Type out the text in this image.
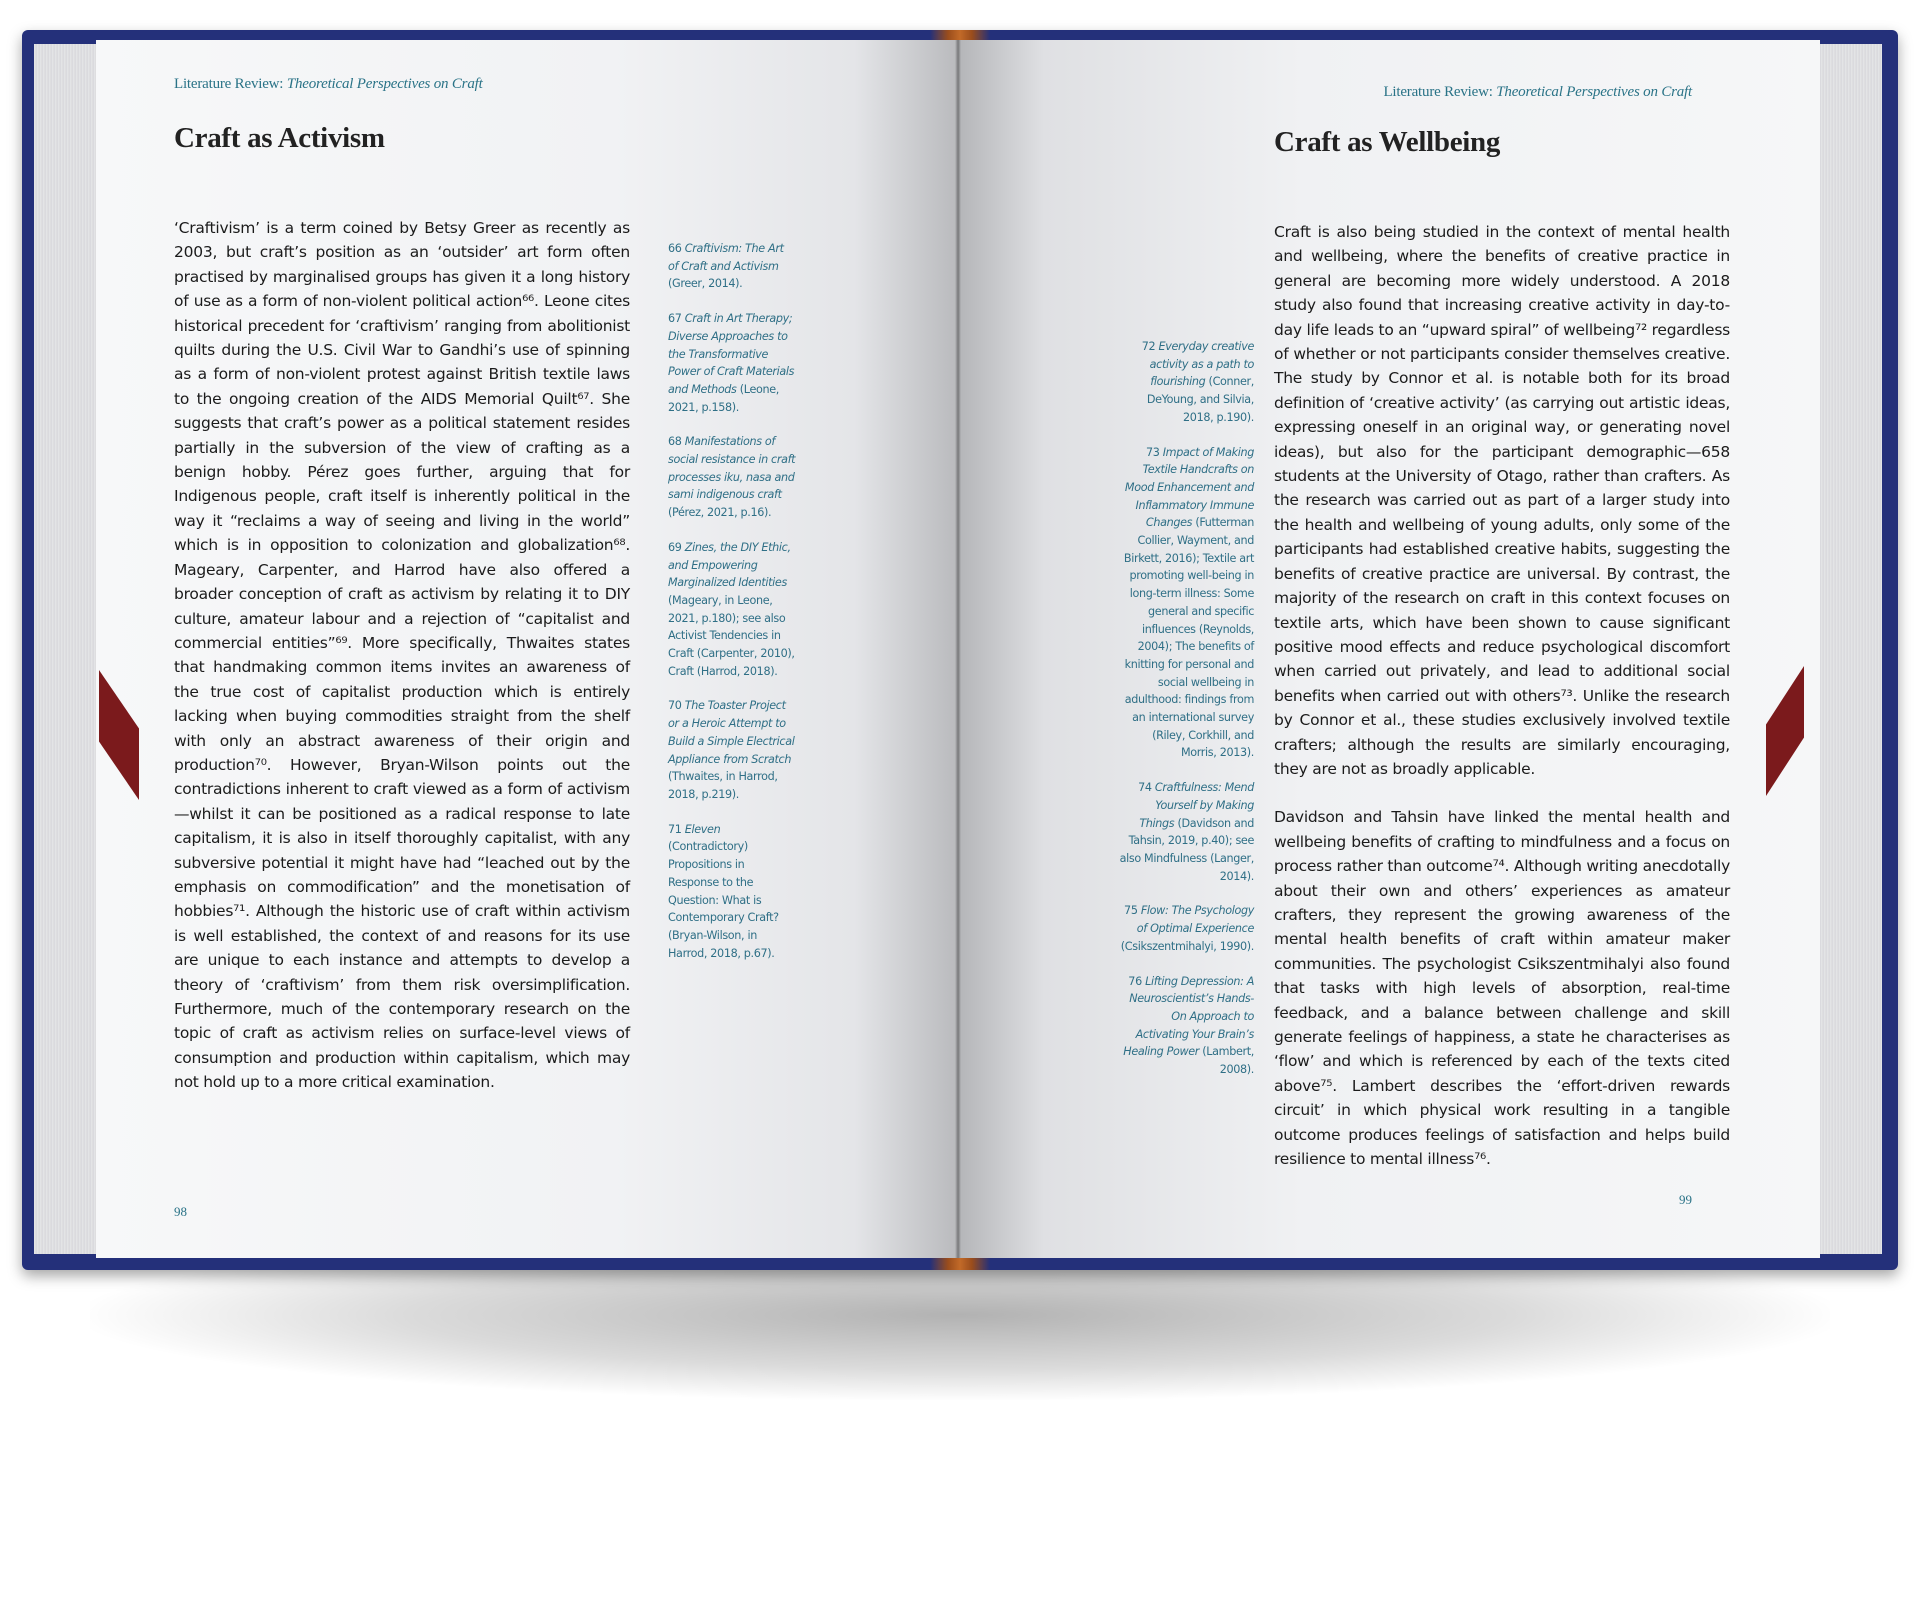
Literature Review: Theoretical Perspectives on Craft
Craft as Activism

‘Craftivism’ is a term coined by Betsy Greer as recently as 2003, but craft’s position as an ‘outsider’ art form often practised by marginalised groups has given it a long history of use as a form of non-violent political action⁶⁶. Leone cites historical precedent for ‘craftivism’ ranging from abolitionist quilts during the U.S. Civil War to Gandhi’s use of spinning as a form of non-violent protest against British textile laws to the ongoing creation of the AIDS Memorial Quilt⁶⁷. She suggests that craft’s power as a political statement resides partially in the subversion of the view of crafting as a benign hobby. Pérez goes further, arguing that for Indigenous people, craft itself is inherently political in the way it “reclaims a way of seeing and living in the world” which is in opposition to colonization and globalization⁶⁸. Mageary, Carpenter, and Harrod have also offered a broader conception of craft as activism by relating it to DIY culture, amateur labour and a rejection of “capitalist and commercial entities”⁶⁹. More specifically, Thwaites states that handmaking common items invites an awareness of the true cost of capitalist production which is entirely lacking when buying commodities straight from the shelf with only an abstract awareness of their origin and production⁷⁰. However, Bryan-Wilson points out the contradictions inherent to craft viewed as a form of activism—whilst it can be positioned as a radical response to late capitalism, it is also in itself thoroughly capitalist, with any subversive potential it might have had “leached out by the emphasis on commodification” and the monetisation of hobbies⁷¹. Although the historic use of craft within activism is well established, the context of and reasons for its use are unique to each instance and attempts to develop a theory of ‘craftivism’ from them risk oversimplification. Furthermore, much of the contemporary research on the topic of craft as activism relies on surface-level views of consumption and production within capitalism, which may not hold up to a more critical examination.

66 Craftivism: The Art of Craft and Activism (Greer, 2014).
67 Craft in Art Therapy; Diverse Approaches to the Transformative Power of Craft Materials and Methods (Leone, 2021, p.158).
68 Manifestations of social resistance in craft processes iku, nasa and sami indigenous craft (Pérez, 2021, p.16).
69 Zines, the DIY Ethic, and Empowering Marginalized Identities (Mageary, in Leone, 2021, p.180); see also Activist Tendencies in Craft (Carpenter, 2010), Craft (Harrod, 2018).
70 The Toaster Project or a Heroic Attempt to Build a Simple Electrical Appliance from Scratch (Thwaites, in Harrod, 2018, p.219).
71 Eleven (Contradictory) Propositions in Response to the Question: What is Contemporary Craft? (Bryan-Wilson, in Harrod, 2018, p.67).
98
Literature Review: Theoretical Perspectives on Craft
Craft as Wellbeing

Craft is also being studied in the context of mental health and wellbeing, where the benefits of creative practice in general are becoming more widely understood. A 2018 study also found that increasing creative activity in day-to-day life leads to an “upward spiral” of wellbeing⁷² regardless of whether or not participants consider themselves creative. The study by Connor et al. is notable both for its broad definition of ‘creative activity’ (as carrying out artistic ideas, expressing oneself in an original way, or generating novel ideas), but also for the participant demographic—658 students at the University of Otago, rather than crafters. As the research was carried out as part of a larger study into the health and wellbeing of young adults, only some of the participants had established creative habits, suggesting the benefits of creative practice are universal. By contrast, the majority of the research on craft in this context focuses on textile arts, which have been shown to cause significant positive mood effects and reduce psychological discomfort when carried out privately, and lead to additional social benefits when carried out with others⁷³. Unlike the research by Connor et al., these studies exclusively involved textile crafters; although the results are similarly encouraging, they are not as broadly applicable.

Davidson and Tahsin have linked the mental health and wellbeing benefits of crafting to mindfulness and a focus on process rather than outcome⁷⁴. Although writing anecdotally about their own and others’ experiences as amateur crafters, they represent the growing awareness of the mental health benefits of craft within amateur maker communities. The psychologist Csikszentmihalyi also found that tasks with high levels of absorption, real-time feedback, and a balance between challenge and skill generate feelings of happiness, a state he characterises as ‘flow’ and which is referenced by each of the texts cited above⁷⁵. Lambert describes the ‘effort-driven rewards circuit’ in which physical work resulting in a tangible outcome produces feelings of satisfaction and helps build resilience to mental illness⁷⁶.

72 Everyday creative activity as a path to flourishing (Conner, DeYoung, and Silvia, 2018, p.190).
73 Impact of Making Textile Handcrafts on Mood Enhancement and Inflammatory Immune Changes (Futterman Collier, Wayment, and Birkett, 2016); Textile art promoting well-being in long-term illness: Some general and specific influences (Reynolds, 2004); The benefits of knitting for personal and social wellbeing in adulthood: findings from an international survey (Riley, Corkhill, and Morris, 2013).
74 Craftfulness: Mend Yourself by Making Things (Davidson and Tahsin, 2019, p.40); see also Mindfulness (Langer, 2014).
75 Flow: The Psychology of Optimal Experience (Csikszentmihalyi, 1990).
76 Lifting Depression: A Neuroscientist’s Hands-On Approach to Activating Your Brain’s Healing Power (Lambert, 2008).
99
